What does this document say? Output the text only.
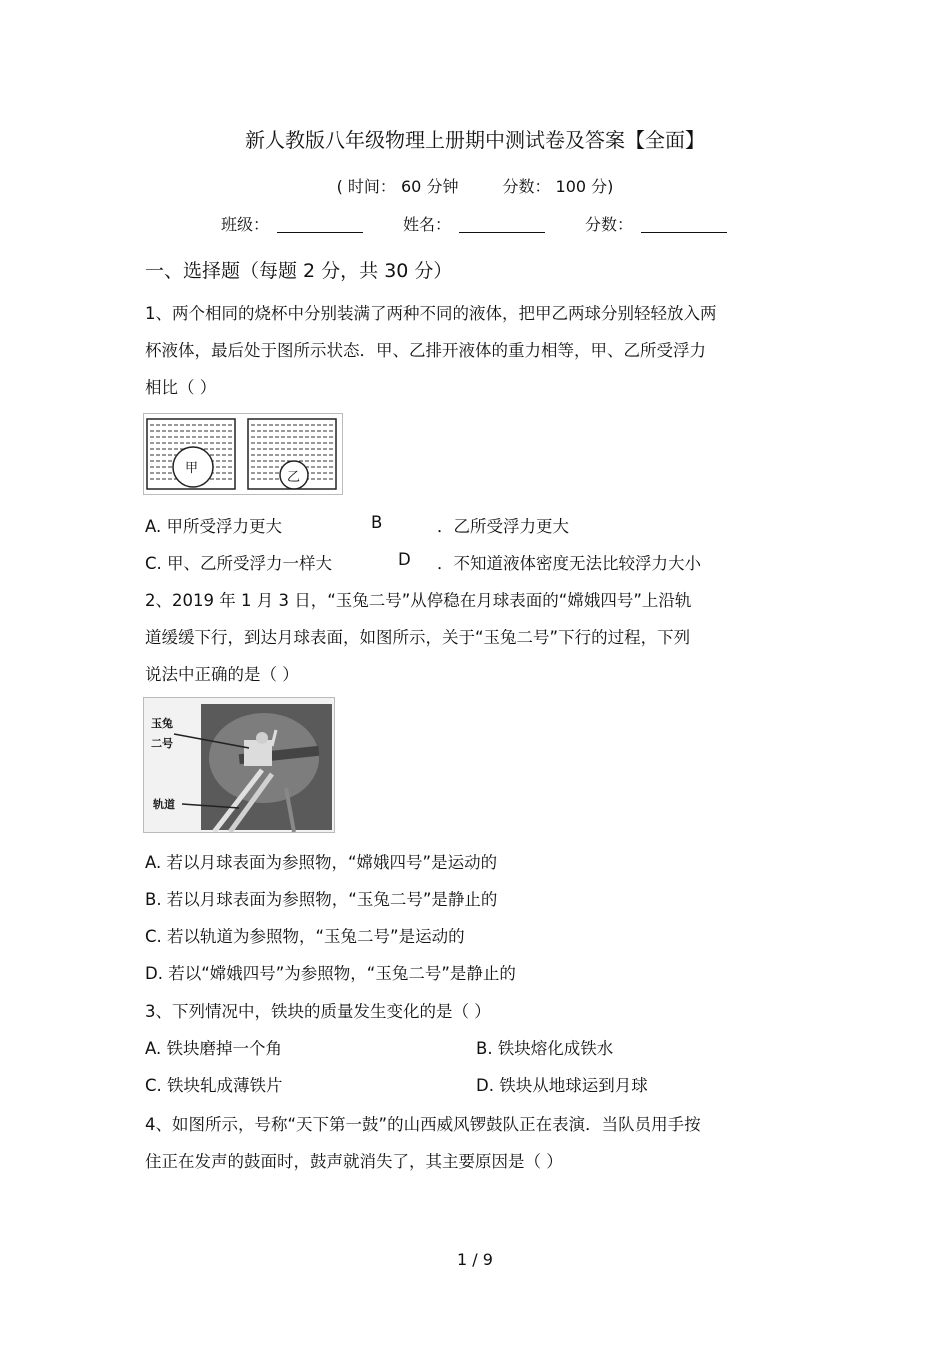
新人教版八年级物理上册期中测试卷及答案【全面】
( 时间： 60 分钟	分数： 100 分)
班级：	姓名：	分数：
一、选择题（每题 2 分，共 30 分）
1、两个相同的烧杯中分别装满了两种不同的液体，把甲乙两球分别轻轻放入两
杯液体，最后处于图所示状态．甲、乙排开液体的重力相等，甲、乙所受浮力
相比（ ）
甲
乙
A. 甲所受浮力更大	B	．乙所受浮力更大
C. 甲、乙所受浮力一样大	D ．不知道液体密度无法比较浮力大小
2、2019 年 1 月 3 日，“玉兔二号”从停稳在月球表面的“嫦娥四号”上沿轨
道缓缓下行，到达月球表面，如图所示，关于“玉兔二号”下行的过程，下列
说法中正确的是（ ）
玉兔
二号
轨道
A. 若以月球表面为参照物，“嫦娥四号”是运动的
B. 若以月球表面为参照物，“玉兔二号”是静止的
C. 若以轨道为参照物，“玉兔二号”是运动的
D. 若以“嫦娥四号”为参照物，“玉兔二号”是静止的
3、下列情况中，铁块的质量发生变化的是（ ）
A. 铁块磨掉一个角	B. 铁块熔化成铁水
C. 铁块轧成薄铁片	D. 铁块从地球运到月球
4、如图所示，号称“天下第一鼓”的山西威风锣鼓队正在表演．当队员用手按
住正在发声的鼓面时，鼓声就消失了，其主要原因是（ ）
1 / 9
